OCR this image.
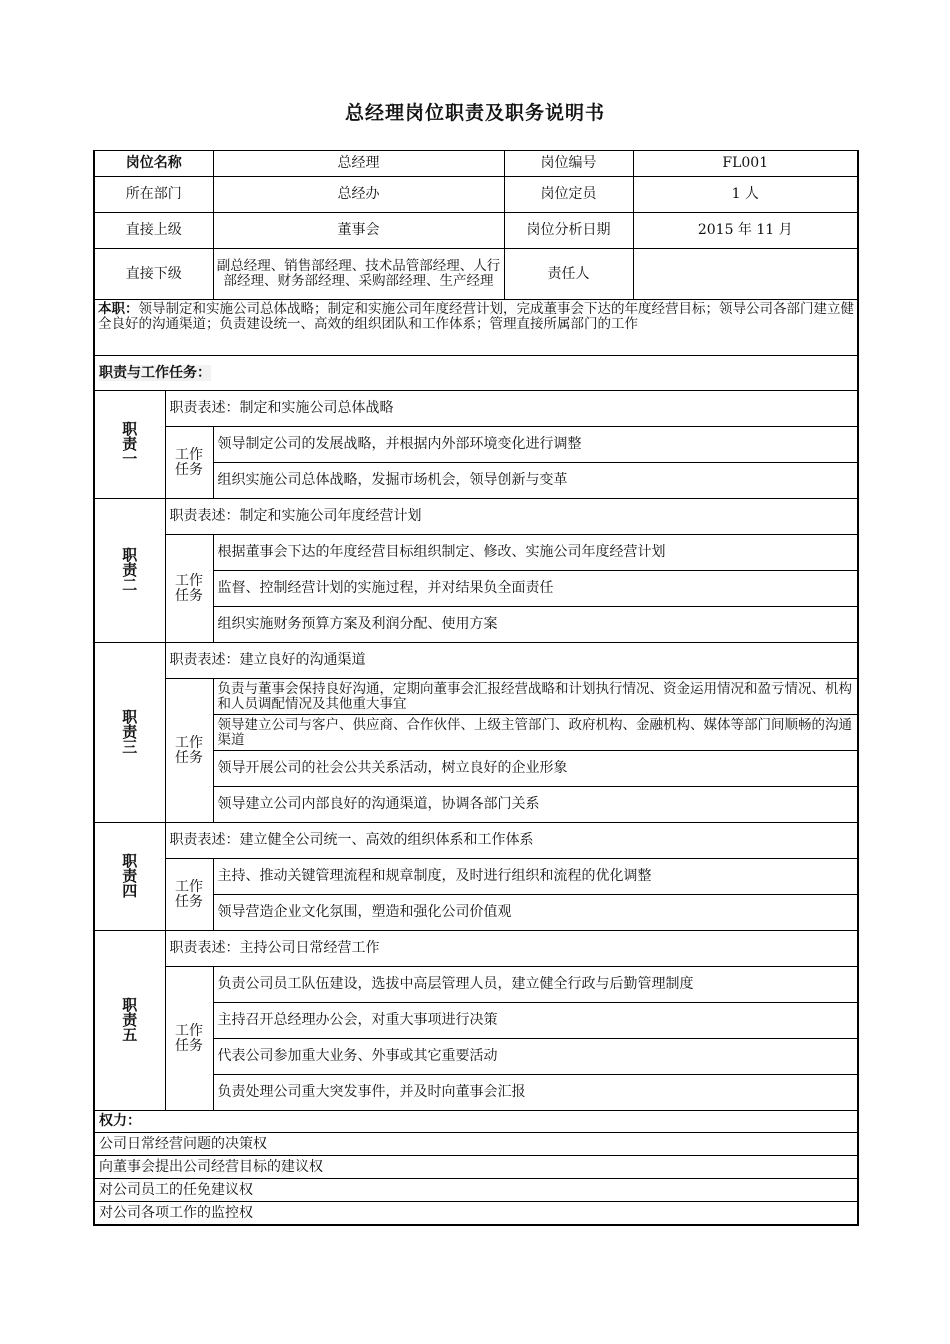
总经理岗位职责及职务说明书
岗位名称		总经理	岗位编号	FL001
所在部门		总经办	岗位定员	1 人
直接上级		董事会	岗位分析日期	2015 年 11 月
直接下级		副总经理、销售部经理、技术品管部经理、人行部经理、财务部经理、采购部经理、生产经理	责任人	
本职：领导制定和实施公司总体战略；制定和实施公司年度经营计划，完成董事会下达的年度经营目标；领导公司各部门建立健全良好的沟通渠道；负责建设统一、高效的组织团队和工作体系；管理直接所属部门的工作				
职责与工作任务：				

职责一	职责表述：制定和实施公司总体战略			

	工作任务	领导制定公司的发展战略，并根据内外部环境变化进行调整		
		组织实施公司总体战略，发掘市场机会，领导创新与变革		

职责二	职责表述：制定和实施公司年度经营计划			

	工作任务	根据董事会下达的年度经营目标组织制定、修改、实施公司年度经营计划		
		监督、控制经营计划的实施过程，并对结果负全面责任		
		组织实施财务预算方案及利润分配、使用方案		

职责三	职责表述：建立良好的沟通渠道			

	工作任务	负责与董事会保持良好沟通，定期向董事会汇报经营战略和计划执行情况、资金运用情况和盈亏情况、机构和人员调配情况及其他重大事宜		
		领导建立公司与客户、供应商、合作伙伴、上级主管部门、政府机构、金融机构、媒体等部门间顺畅的沟通渠道		
		领导开展公司的社会公共关系活动，树立良好的企业形象		
		领导建立公司内部良好的沟通渠道，协调各部门关系		

职责四	职责表述：建立健全公司统一、高效的组织体系和工作体系			

	工作任务	主持、推动关键管理流程和规章制度，及时进行组织和流程的优化调整		
		领导营造企业文化氛围，塑造和强化公司价值观		

职责五	职责表述：主持公司日常经营工作			

	工作任务	负责公司员工队伍建设，选拔中高层管理人员，建立健全行政与后勤管理制度		
		主持召开总经理办公会，对重大事项进行决策		
		代表公司参加重大业务、外事或其它重要活动		
		负责处理公司重大突发事件，并及时向董事会汇报		
权力：				
公司日常经营问题的决策权				
向董事会提出公司经营目标的建议权				
对公司员工的任免建议权				
对公司各项工作的监控权				
